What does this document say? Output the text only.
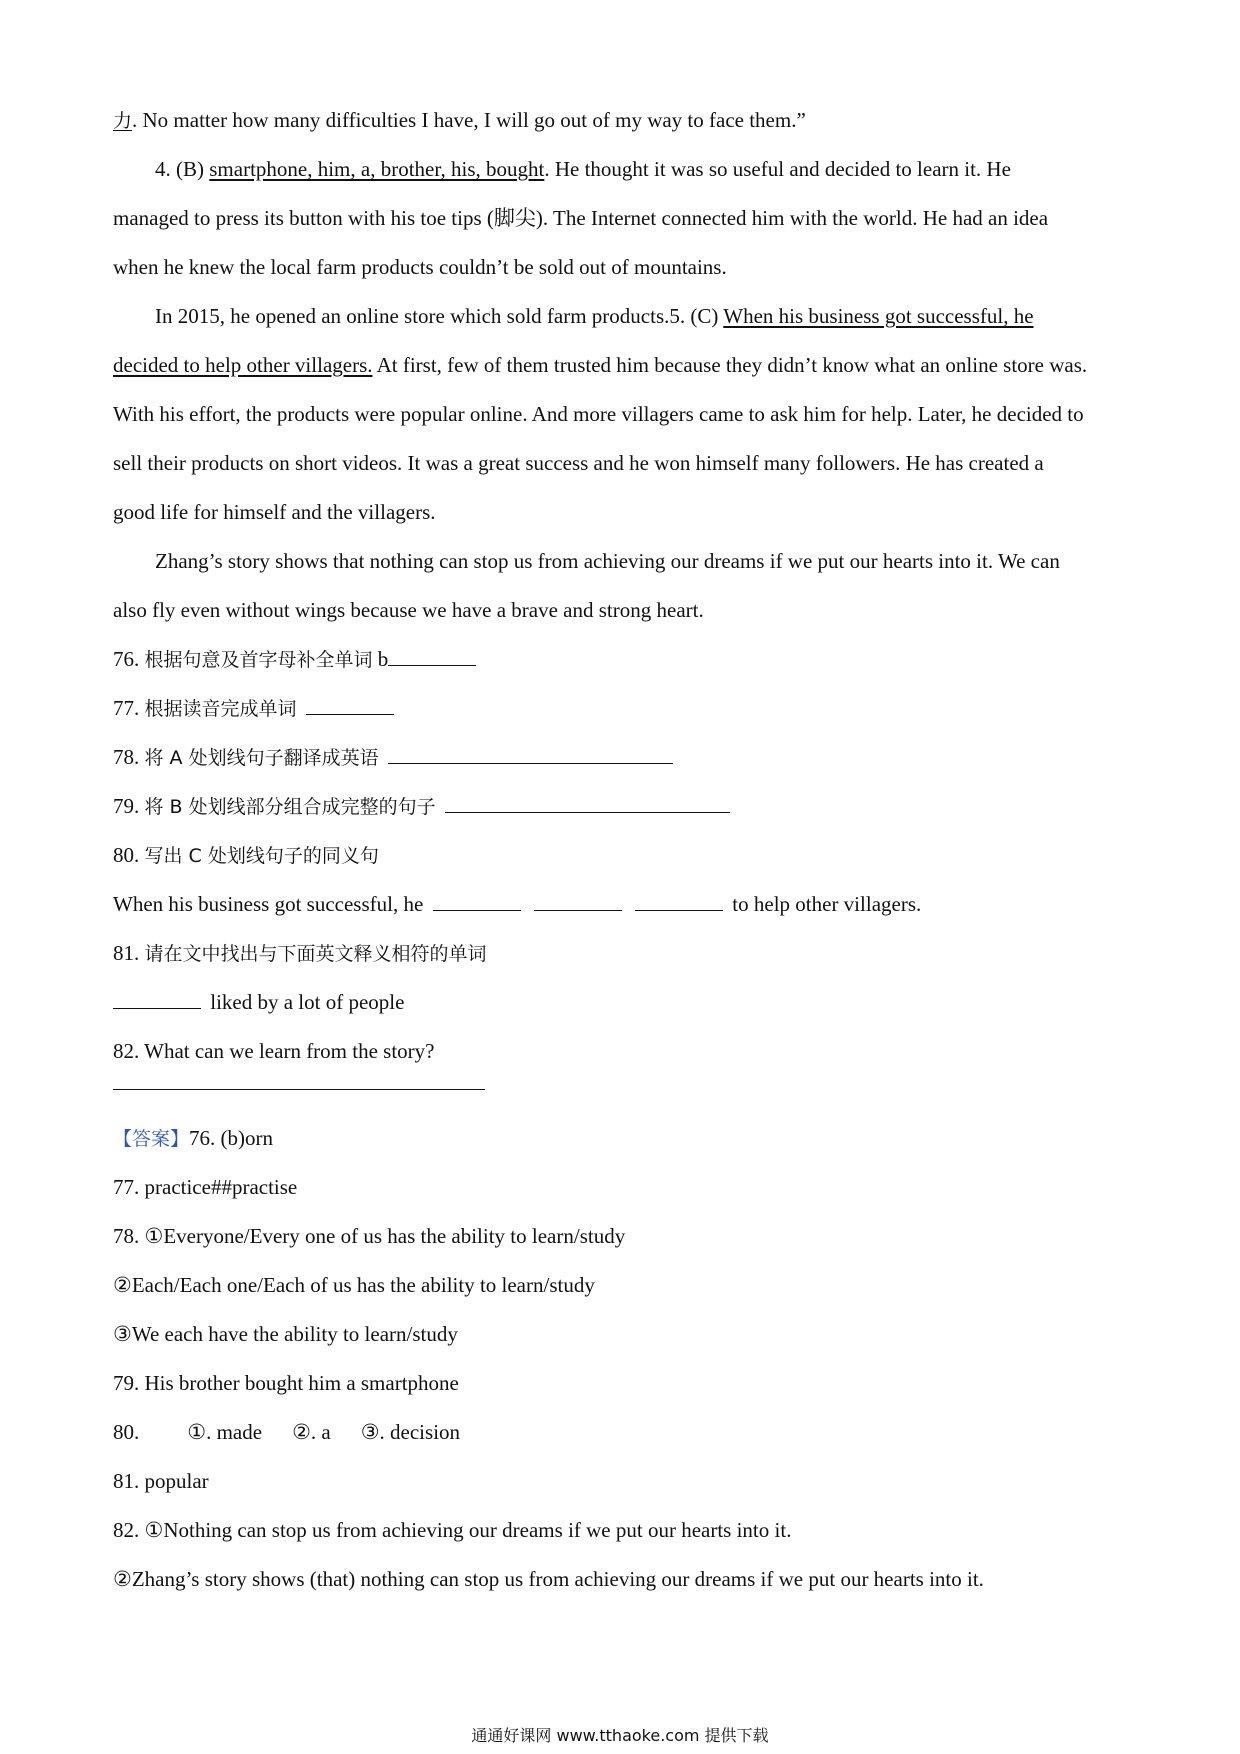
力. No matter how many difficulties I have, I will go out of my way to face them.”
4. (B) smartphone, him, a, brother, his, bought. He thought it was so useful and decided to learn it. He
managed to press its button with his toe tips (脚尖). The Internet connected him with the world. He had an idea
when he knew the local farm products couldn’t be sold out of mountains.
In 2015, he opened an online store which sold farm products.5. (C) When his business got successful, he
decided to help other villagers. At first, few of them trusted him because they didn’t know what an online store was.
With his effort, the products were popular online. And more villagers came to ask him for help. Later, he decided to
sell their products on short videos. It was a great success and he won himself many followers. He has created a
good life for himself and the villagers.
Zhang’s story shows that nothing can stop us from achieving our dreams if we put our hearts into it. We can
also fly even without wings because we have a brave and strong heart.
76. 根据句意及首字母补全单词 b
77. 根据读音完成单词
78. 将 A 处划线句子翻译成英语
79. 将 B 处划线部分组合成完整的句子
80. 写出 C 处划线句子的同义句
When his business got successful, he	to help other villagers.
81. 请在文中找出与下面英文释义相符的单词
liked by a lot of people
82. What can we learn from the story?
【答案】76. (b)orn
77. practice##practise
78. ①Everyone/Every one of us has the ability to learn/study
②Each/Each one/Each of us has the ability to learn/study
③We each have the ability to learn/study
79. His brother bought him a smartphone
80. ①. made ②. a ③. decision
81. popular
82. ①Nothing can stop us from achieving our dreams if we put our hearts into it.
②Zhang’s story shows (that) nothing can stop us from achieving our dreams if we put our hearts into it.
通通好课网 www.tthaoke.com 提供下载
